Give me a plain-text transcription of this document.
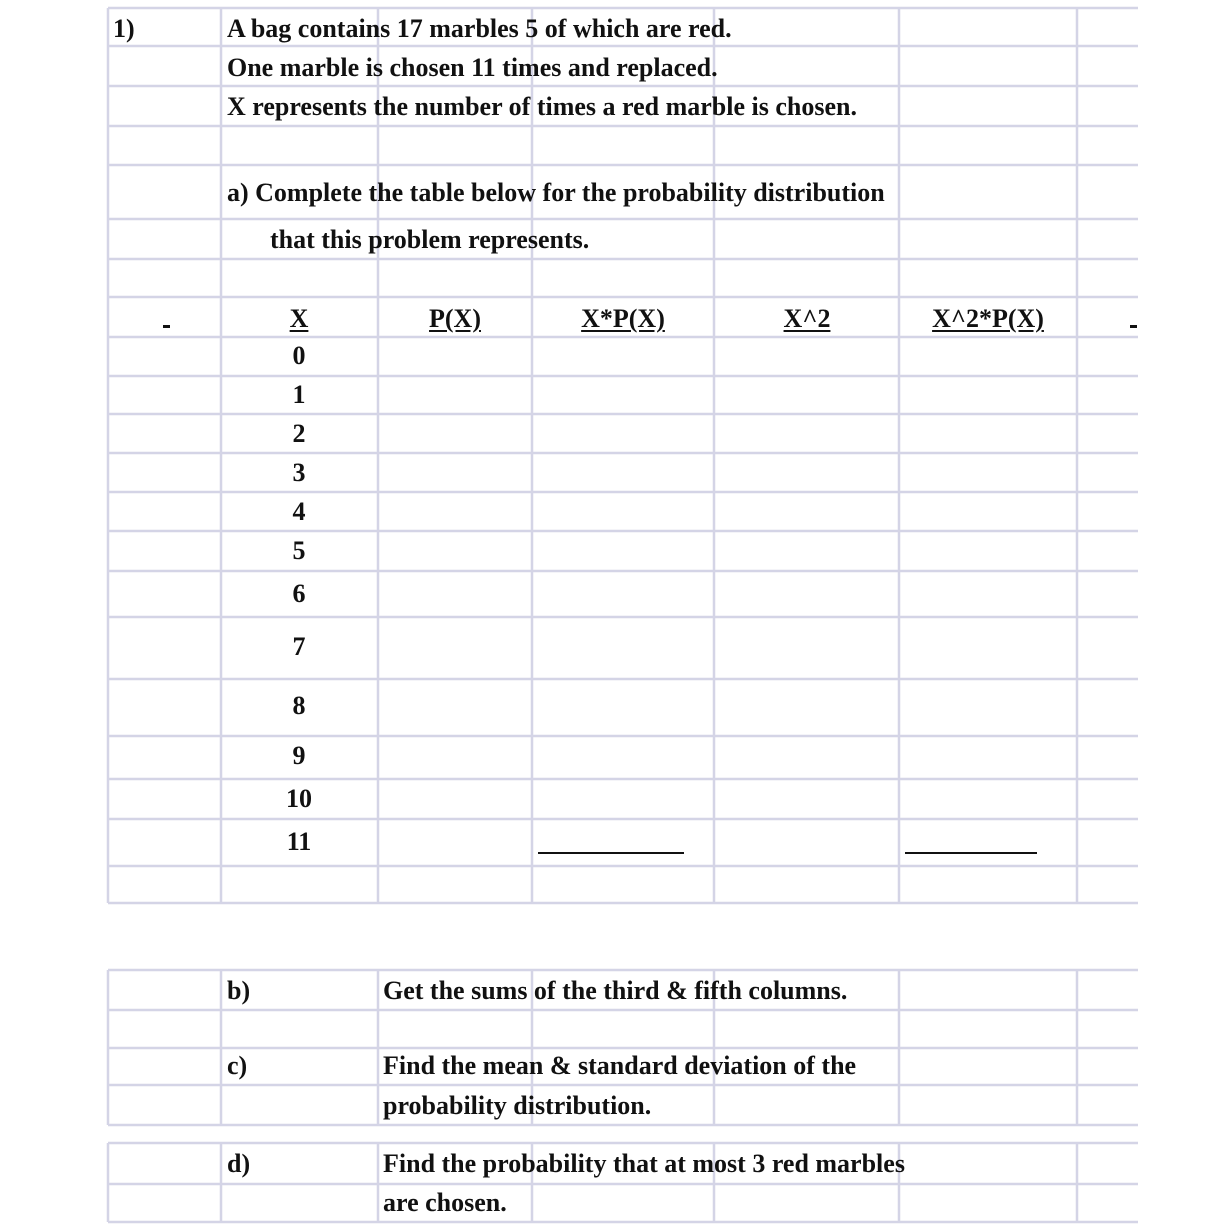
1)	A bag contains 17 marbles 5 of which are red.
One marble is chosen 11 times and replaced.
X represents the number of times a red marble is chosen.
a) Complete the table below for the probability distribution
that this problem represents.
X	P(X)	X*P(X)	X^2	X^2*P(X)
0
1
2
3
4
5
6
7
8
9
10
11
b)	Get the sums of the third & fifth columns.
c)	Find the mean & standard deviation of the
probability distribution.
d)	Find the probability that at most 3 red marbles
are chosen.
